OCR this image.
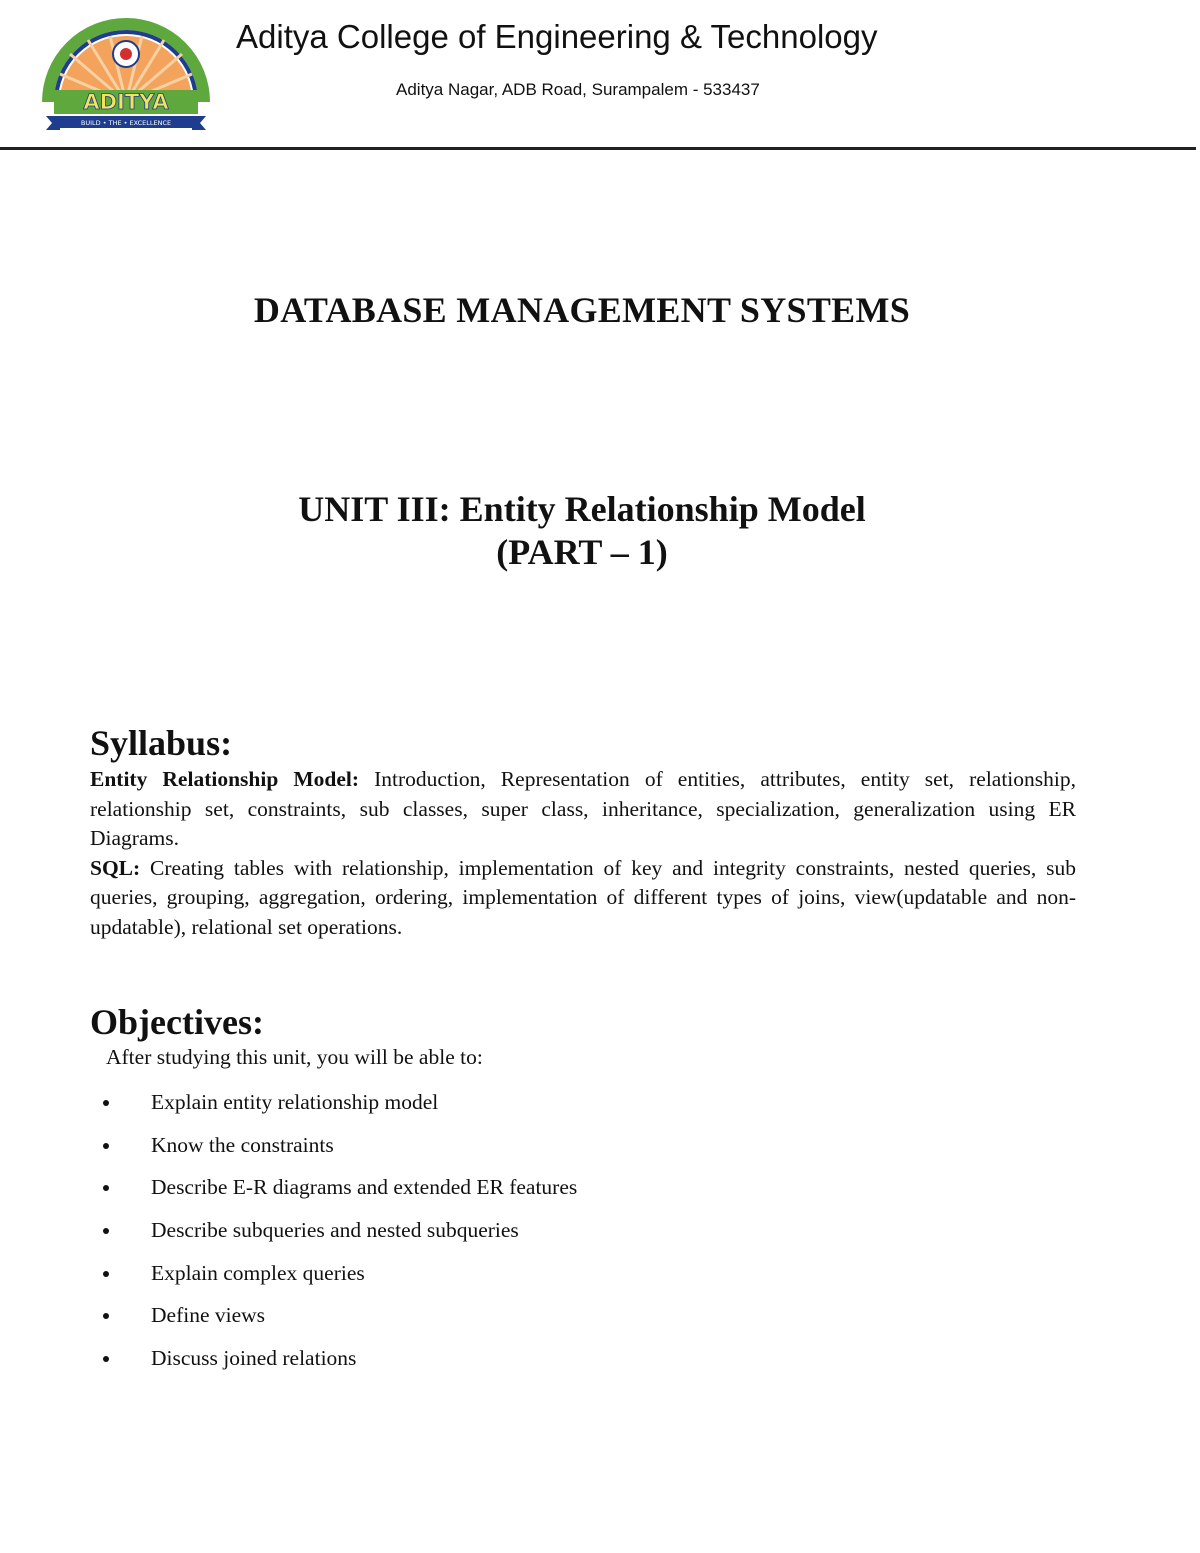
ADITYA
BUILD • THE • EXCELLENCE
Aditya College of Engineering & Technology
Aditya Nagar, ADB Road, Surampalem - 533437
DATABASE MANAGEMENT SYSTEMS
UNIT III: Entity Relationship Model
(PART – 1)
Syllabus:

Entity Relationship Model: Introduction, Representation of entities, attributes, entity set, relationship, relationship set, constraints, sub classes, super class, inheritance, specialization, generalization using ER Diagrams.

SQL: Creating tables with relationship, implementation of key and integrity constraints, nested queries, sub queries, grouping, aggregation, ordering, implementation of different types of joins, view(updatable and non-updatable), relational set operations.

Objectives:
After studying this unit, you will be able to:
Explain entity relationship model
Know the constraints
Describe E-R diagrams and extended ER features
Describe subqueries and nested subqueries
Explain complex queries
Define views
Discuss joined relations
